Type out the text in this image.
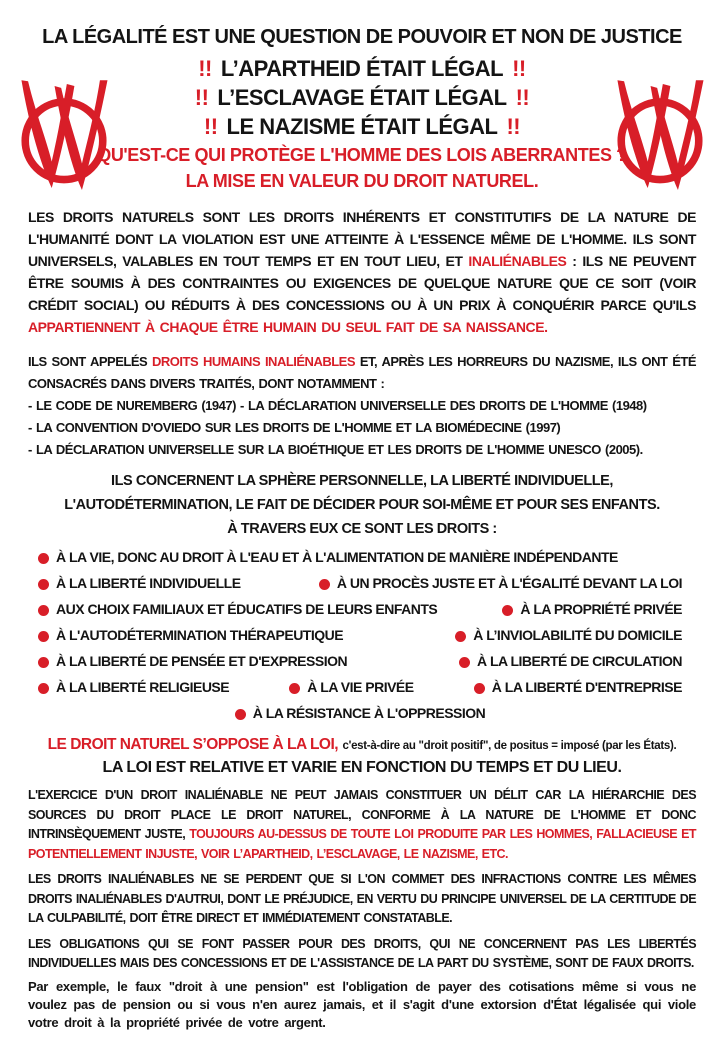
LA LÉGALITÉ EST UNE QUESTION DE POUVOIR ET NON DE JUSTICE
!! L’APARTHEID ÉTAIT LÉGAL !!
!! L’ESCLAVAGE ÉTAIT LÉGAL !!
!! LE NAZISME ÉTAIT LÉGAL !!
QU'EST-CE QUI PROTÈGE L'HOMME DES LOIS ABERRANTES ?
LA MISE EN VALEUR DU DROIT NATUREL.

LES DROITS NATURELS SONT LES DROITS INHÉRENTS ET CONSTITUTIFS DE LA NATURE DE L'HUMANITÉ DONT LA VIOLATION EST UNE ATTEINTE À L'ESSENCE MÊME DE L'HOMME. ILS SONT UNIVERSELS, VALABLES EN TOUT TEMPS ET EN TOUT LIEU, ET INALIÉNABLES : ILS NE PEUVENT ÊTRE SOUMIS À DES CONTRAINTES OU EXIGENCES DE QUELQUE NATURE QUE CE SOIT (VOIR CRÉDIT SOCIAL) OU RÉDUITS À DES CONCESSIONS OU À UN PRIX À CONQUÉRIR PARCE QU'ILS APPARTIENNENT À CHAQUE ÊTRE HUMAIN DU SEUL FAIT DE SA NAISSANCE.

ILS SONT APPELÉS DROITS HUMAINS INALIÉNABLES ET, APRÈS LES HORREURS DU NAZISME, ILS ONT ÉTÉ CONSACRÉS DANS DIVERS TRAITÉS, DONT NOTAMMENT :
- LE CODE DE NUREMBERG (1947) - LA DÉCLARATION UNIVERSELLE DES DROITS DE L'HOMME (1948)
- LA CONVENTION D'OVIEDO SUR LES DROITS DE L'HOMME ET LA BIOMÉDECINE (1997)
- LA DÉCLARATION UNIVERSELLE SUR LA BIOÉTHIQUE ET LES DROITS DE L'HOMME UNESCO (2005).

ILS CONCERNENT LA SPHÈRE PERSONNELLE, LA LIBERTÉ INDIVIDUELLE,
L'AUTODÉTERMINATION, LE FAIT DE DÉCIDER POUR SOI-MÊME ET POUR SES ENFANTS.
À TRAVERS EUX CE SONT LES DROITS :
À LA VIE, DONC AU DROIT À L'EAU ET À L'ALIMENTATION DE MANIÈRE INDÉPENDANTE
À LA LIBERTÉ INDIVIDUELLE	À UN PROCÈS JUSTE ET À L'ÉGALITÉ DEVANT LA LOI
AUX CHOIX FAMILIAUX ET ÉDUCATIFS DE LEURS ENFANTS	À LA PROPRIÉTÉ PRIVÉE
À L'AUTODÉTERMINATION THÉRAPEUTIQUE	À L’INVIOLABILITÉ DU DOMICILE
À LA LIBERTÉ DE PENSÉE ET D'EXPRESSION	À LA LIBERTÉ DE CIRCULATION
À LA LIBERTÉ RELIGIEUSE	À LA VIE PRIVÉE	À LA LIBERTÉ D'ENTREPRISE
À LA RÉSISTANCE À L'OPPRESSION
LE DROIT NATUREL S’OPPOSE À LA LOI, c'est-à-dire au "droit positif", de positus = imposé (par les États).
LA LOI EST RELATIVE ET VARIE EN FONCTION DU TEMPS ET DU LIEU.

L'EXERCICE D'UN DROIT INALIÉNABLE NE PEUT JAMAIS CONSTITUER UN DÉLIT CAR LA HIÉRARCHIE DES SOURCES DU DROIT PLACE LE DROIT NATUREL, CONFORME À LA NATURE DE L'HOMME ET DONC INTRINSÈQUEMENT JUSTE, TOUJOURS AU-DESSUS DE TOUTE LOI PRODUITE PAR LES HOMMES, FALLACIEUSE ET POTENTIELLEMENT INJUSTE, VOIR L’APARTHEID, L’ESCLAVAGE, LE NAZISME, ETC.

LES DROITS INALIÉNABLES NE SE PERDENT QUE SI L'ON COMMET DES INFRACTIONS CONTRE LES MÊMES DROITS INALIÉNABLES D'AUTRUI, DONT LE PRÉJUDICE, EN VERTU DU PRINCIPE UNIVERSEL DE LA CERTITUDE DE LA CULPABILITÉ, DOIT ÊTRE DIRECT ET IMMÉDIATEMENT CONSTATABLE.

LES OBLIGATIONS QUI SE FONT PASSER POUR DES DROITS, QUI NE CONCERNENT PAS LES LIBERTÉS INDIVIDUELLES MAIS DES CONCESSIONS ET DE L'ASSISTANCE DE LA PART DU SYSTÈME, SONT DE FAUX DROITS.

Par exemple, le faux "droit à une pension" est l'obligation de payer des cotisations même si vous ne voulez pas de pension ou si vous n'en aurez jamais, et il s'agit d'une extorsion d'État légalisée qui viole votre droit à la propriété privée de votre argent.
